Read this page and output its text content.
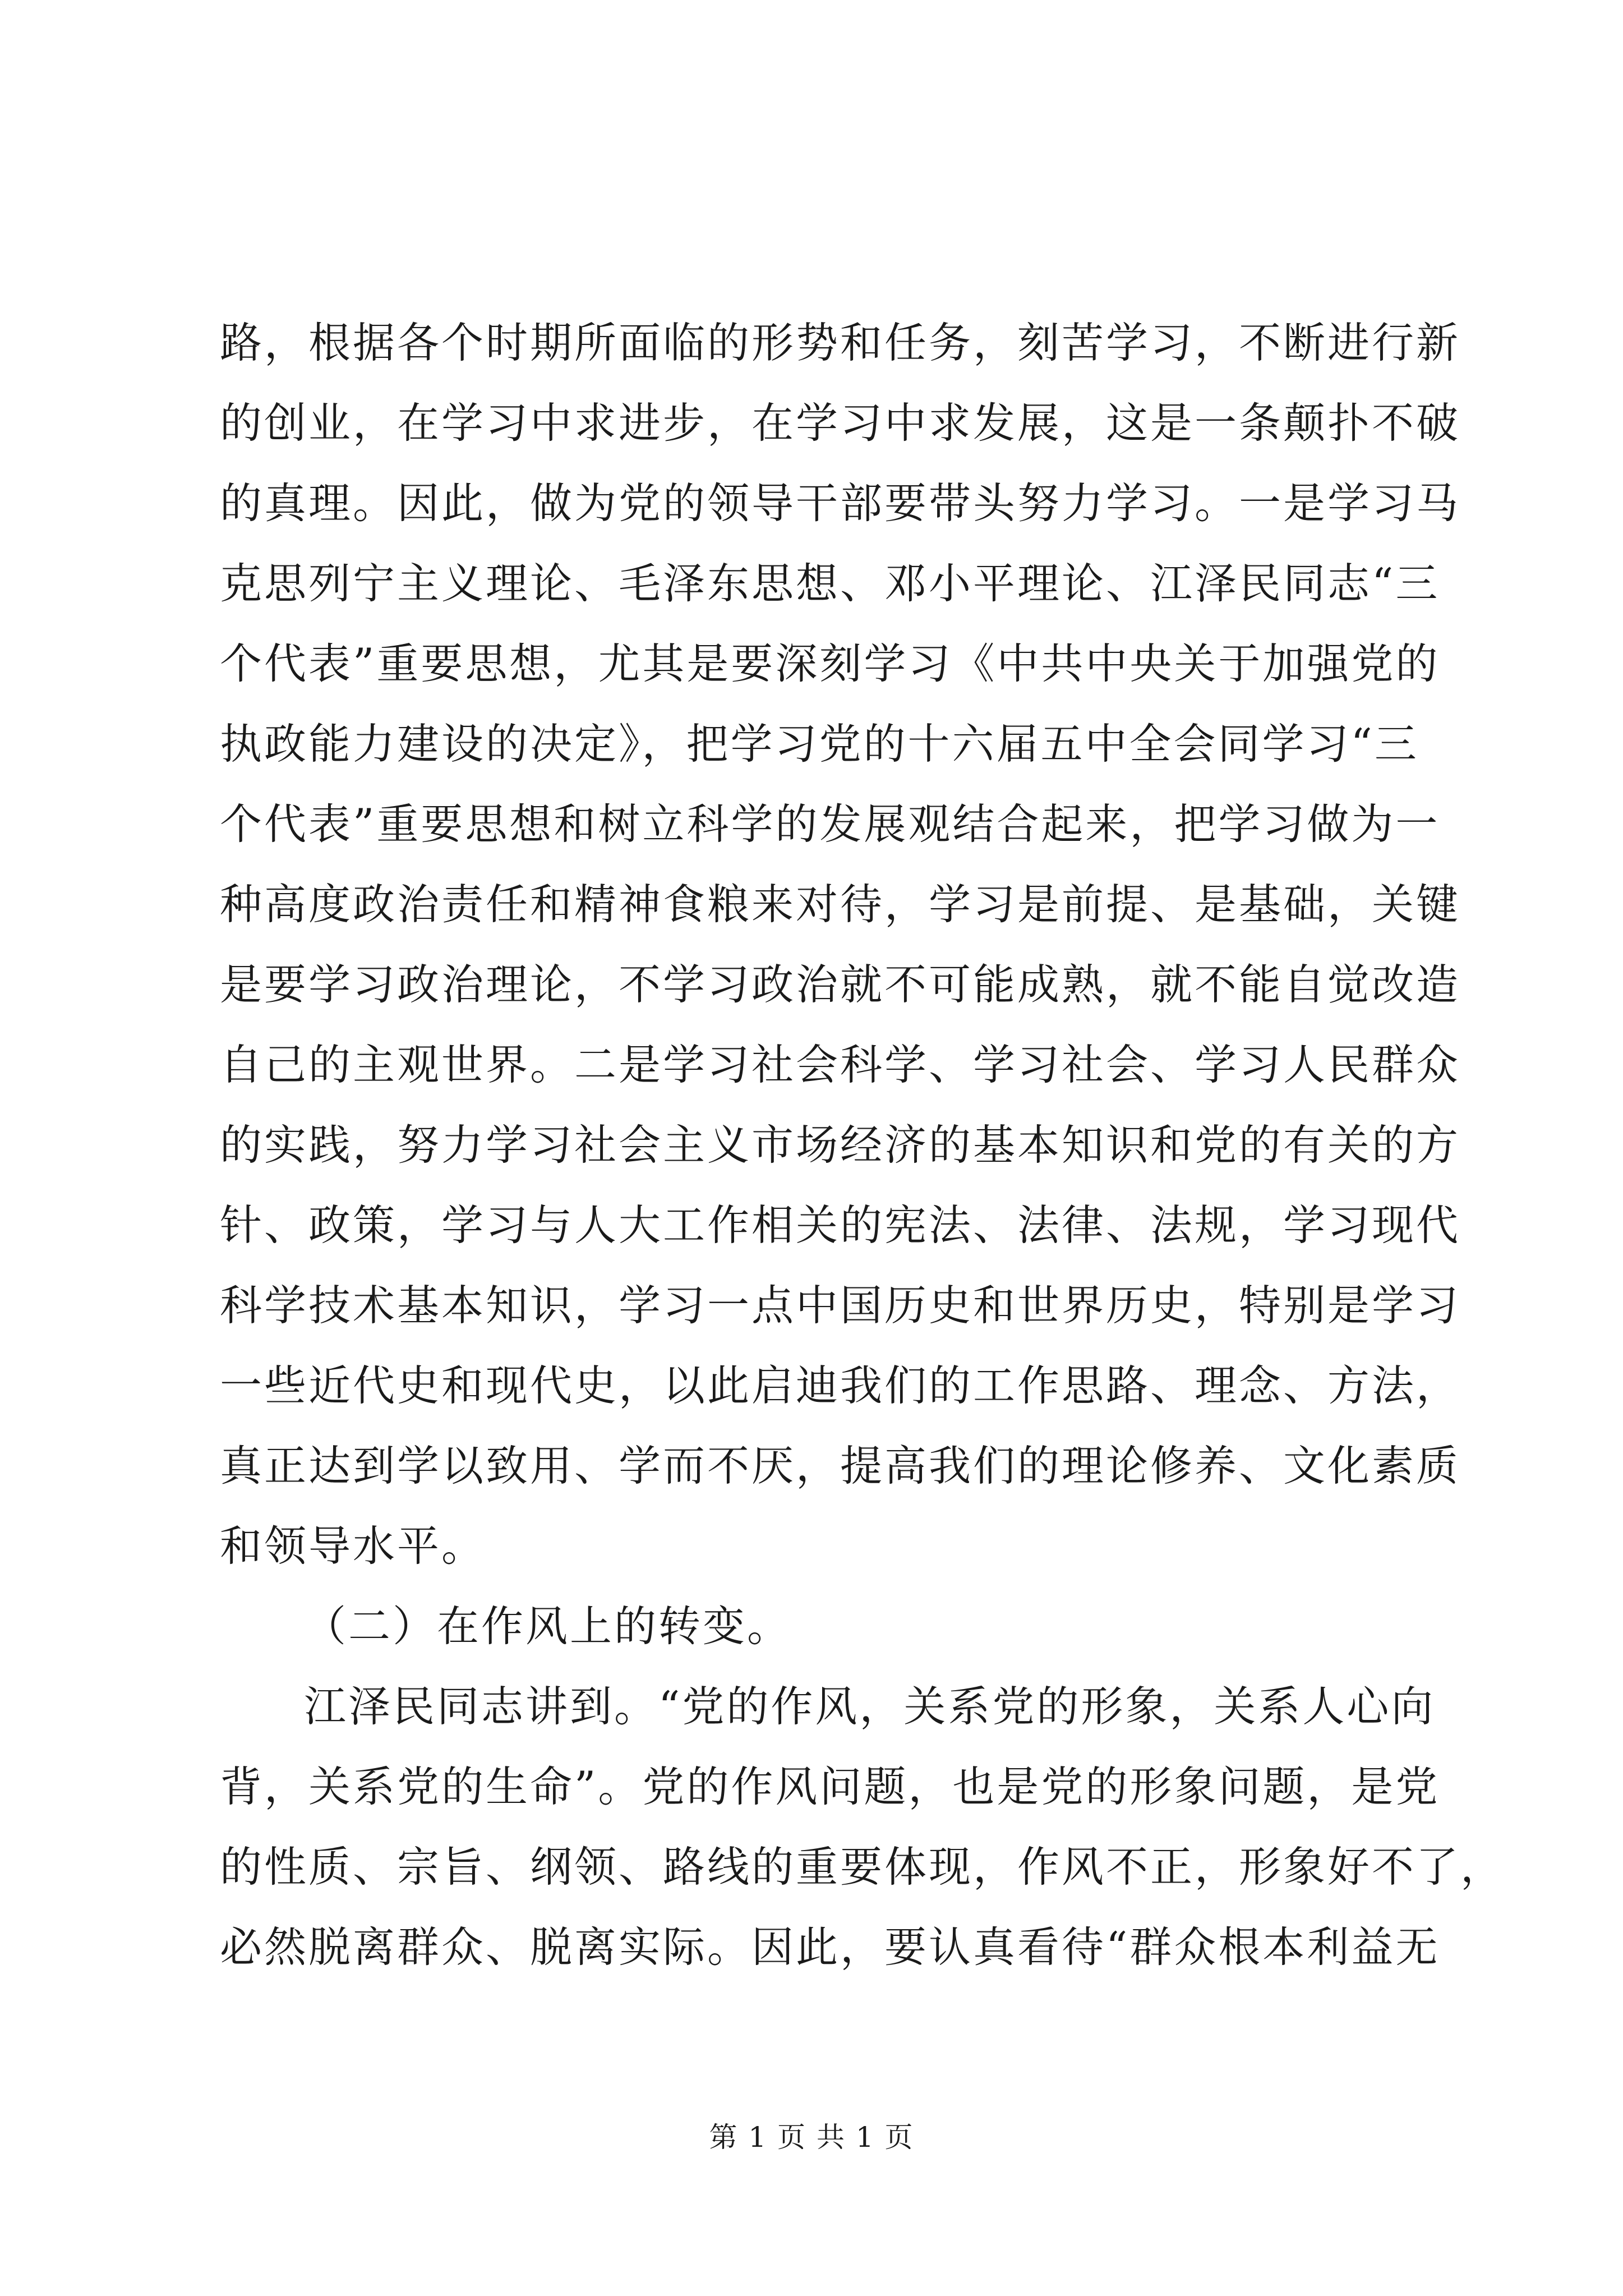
路，根据各个时期所面临的形势和任务，刻苦学习，不断进行新
的创业，在学习中求进步，在学习中求发展，这是一条颠扑不破
的真理。因此，做为党的领导干部要带头努力学习。一是学习马
克思列宁主义理论、毛泽东思想、邓小平理论、江泽民同志“三
个代表”重要思想，尤其是要深刻学习《中共中央关于加强党的
执政能力建设的决定》，把学习党的十六届五中全会同学习“三
个代表”重要思想和树立科学的发展观结合起来，把学习做为一
种高度政治责任和精神食粮来对待，学习是前提、是基础，关键
是要学习政治理论，不学习政治就不可能成熟，就不能自觉改造
自己的主观世界。二是学习社会科学、学习社会、学习人民群众
的实践，努力学习社会主义市场经济的基本知识和党的有关的方
针、政策，学习与人大工作相关的宪法、法律、法规，学习现代
科学技术基本知识，学习一点中国历史和世界历史，特别是学习
一些近代史和现代史，以此启迪我们的工作思路、理念、方法，
真正达到学以致用、学而不厌，提高我们的理论修养、文化素质
和领导水平。
（二）在作风上的转变。
江泽民同志讲到。“党的作风，关系党的形象，关系人心向
背，关系党的生命”。党的作风问题，也是党的形象问题，是党
的性质、宗旨、纲领、路线的重要体现，作风不正，形象好不了，
必然脱离群众、脱离实际。因此，要认真看待“群众根本利益无
第 1 页 共 1 页
